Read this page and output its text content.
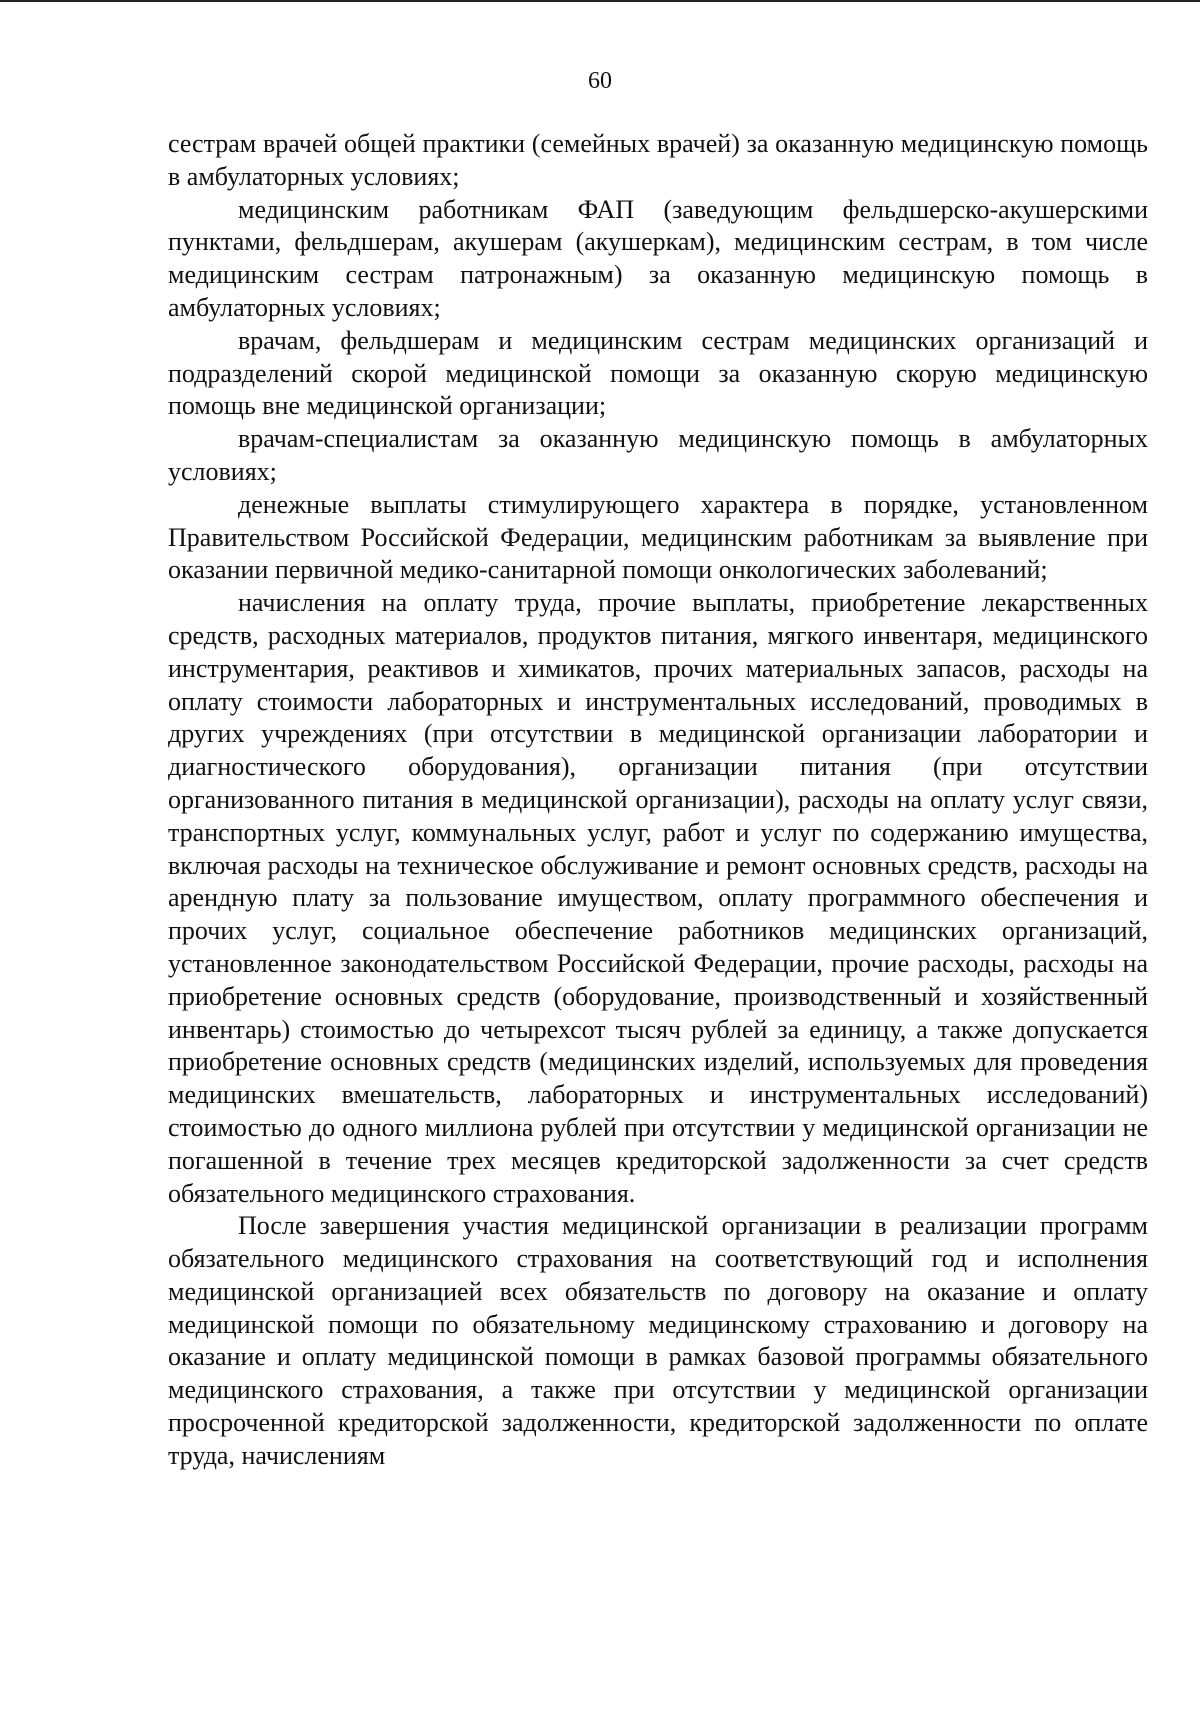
60

сестрам врачей общей практики (семейных врачей) за оказанную медицинскую помощь в амбулаторных условиях;

медицинским работникам ФАП (заведующим фельдшерско-акушерскими пунктами, фельдшерам, акушерам (акушеркам), медицинским сестрам, в том числе медицинским сестрам патронажным) за оказанную медицинскую помощь в амбулаторных условиях;

врачам, фельдшерам и медицинским сестрам медицинских организаций и подразделений скорой медицинской помощи за оказанную скорую медицинскую помощь вне медицинской организации;

врачам-специалистам за оказанную медицинскую помощь в амбулаторных условиях;

денежные выплаты стимулирующего характера в порядке, установленном Правительством Российской Федерации, медицинским работникам за выявление при оказании первичной медико-санитарной помощи онкологических заболеваний;

начисления на оплату труда, прочие выплаты, приобретение лекарственных средств, расходных материалов, продуктов питания, мягкого инвентаря, медицинского инструментария, реактивов и химикатов, прочих материальных запасов, расходы на оплату стоимости лабораторных и инструментальных исследований, проводимых в других учреждениях (при отсутствии в медицинской организации лаборатории и диагностического оборудования), организации питания (при отсутствии организованного питания в медицинской организации), расходы на оплату услуг связи, транспортных услуг, коммунальных услуг, работ и услуг по содержанию имущества, включая расходы на техническое обслуживание и ремонт основных средств, расходы на арендную плату за пользование имуществом, оплату программного обеспечения и прочих услуг, социальное обеспечение работников медицинских организаций, установленное законодательством Российской Федерации, прочие расходы, расходы на приобретение основных средств (оборудование, производственный и хозяйственный инвентарь) стоимостью до четырехсот тысяч рублей за единицу, а также допускается приобретение основных средств (медицинских изделий, используемых для проведения медицинских вмешательств, лабораторных и инструментальных исследований) стоимостью до одного миллиона рублей при отсутствии у медицинской организации не погашенной в течение трех месяцев кредиторской задолженности за счет средств обязательного медицинского страхования.

После завершения участия медицинской организации в реализации программ обязательного медицинского страхования на соответствующий год и исполнения медицинской организацией всех обязательств по договору на оказание и оплату медицинской помощи по обязательному медицинскому страхованию и договору на оказание и оплату медицинской помощи в рамках базовой программы обязательного медицинского страхования, а также при отсутствии у медицинской организации просроченной кредиторской задолженности, кредиторской задолженности по оплате труда, начислениям
